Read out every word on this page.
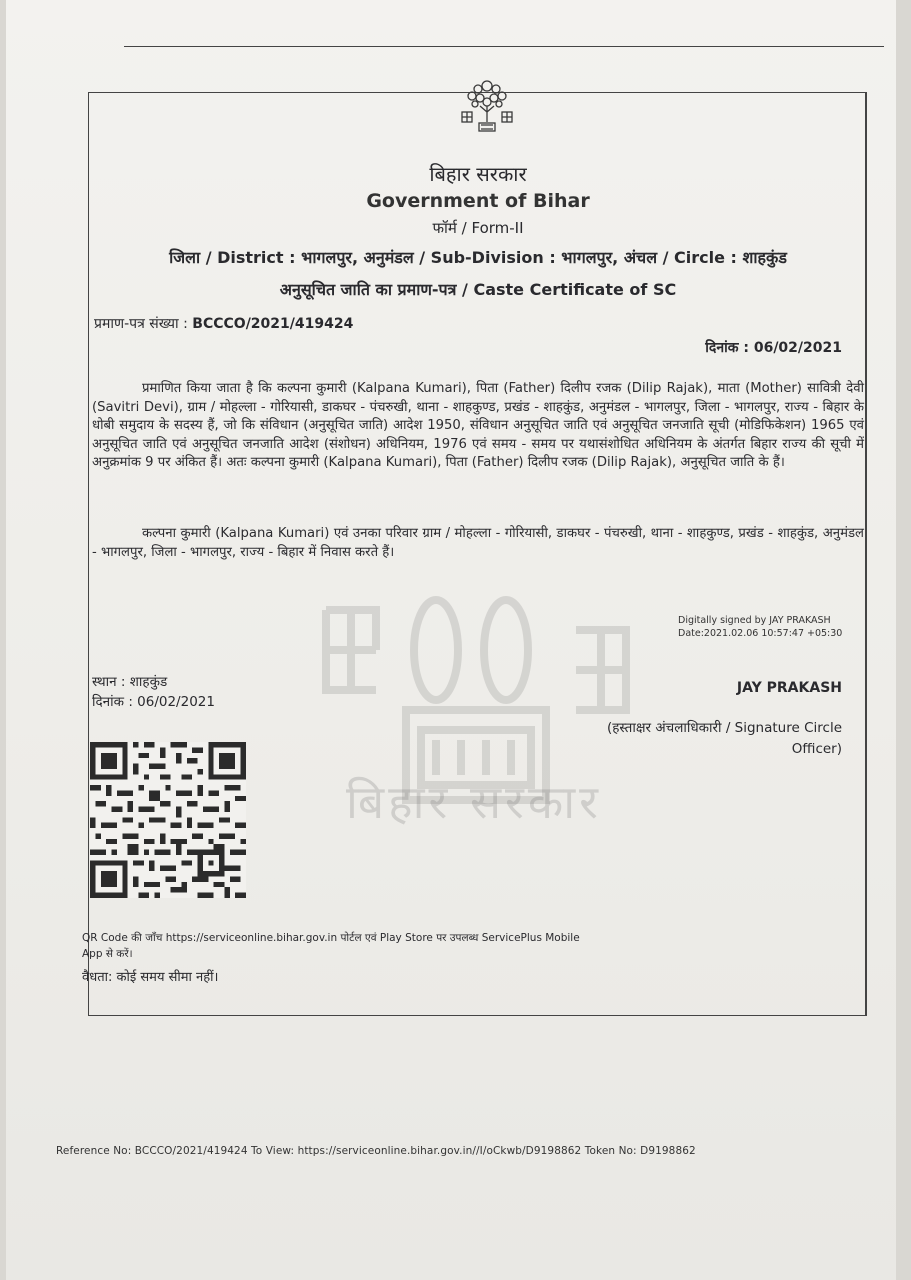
बिहार सरकार
बिहार सरकार
Government of Bihar
फॉर्म / Form-II
जिला / District : भागलपुर, अनुमंडल / Sub-Division : भागलपुर, अंचल / Circle : शाहकुंड
अनुसूचित जाति का प्रमाण-पत्र / Caste Certificate of SC
प्रमाण-पत्र संख्या : BCCCO/2021/419424
दिनांक : 06/02/2021
प्रमाणित किया जाता है कि कल्पना कुमारी (Kalpana Kumari), पिता (Father) दिलीप रजक (Dilip Rajak), माता (Mother) सावित्री देवी (Savitri Devi), ग्राम / मोहल्ला - गोरियासी, डाकघर - पंचरुखी, थाना - शाहकुण्ड, प्रखंड - शाहकुंड, अनुमंडल - भागलपुर, जिला - भागलपुर, राज्य - बिहार के धोबी समुदाय के सदस्य हैं, जो कि संविधान (अनुसूचित जाति) आदेश 1950, संविधान अनुसूचित जाति एवं अनुसूचित जनजाति सूची (मोडिफिकेशन) 1965 एवं अनुसूचित जाति एवं अनुसूचित जनजाति आदेश (संशोधन) अधिनियम, 1976 एवं समय - समय पर यथासंशोधित अधिनियम के अंतर्गत बिहार राज्य की सूची में अनुक्रमांक 9 पर अंकित हैं। अतः कल्पना कुमारी (Kalpana Kumari), पिता (Father) दिलीप रजक (Dilip Rajak), अनुसूचित जाति के हैं।
कल्पना कुमारी (Kalpana Kumari) एवं उनका परिवार ग्राम / मोहल्ला - गोरियासी, डाकघर - पंचरुखी, थाना - शाहकुण्ड, प्रखंड - शाहकुंड, अनुमंडल - भागलपुर, जिला - भागलपुर, राज्य - बिहार में निवास करते हैं।
Digitally signed by JAY PRAKASH
Date:2021.02.06 10:57:47 +05:30
स्थान : शाहकुंड
दिनांक : 06/02/2021
JAY PRAKASH
(हस्ताक्षर अंचलाधिकारी / Signature Circle Officer)
QR Code की जाँच https://serviceonline.bihar.gov.in पोर्टल एवं Play Store पर उपलब्ध ServicePlus Mobile App से करें।
वैधता: कोई समय सीमा नहीं।
Reference No: BCCCO/2021/419424 To View: https://serviceonline.bihar.gov.in//I/oCkwb/D9198862 Token No: D9198862
